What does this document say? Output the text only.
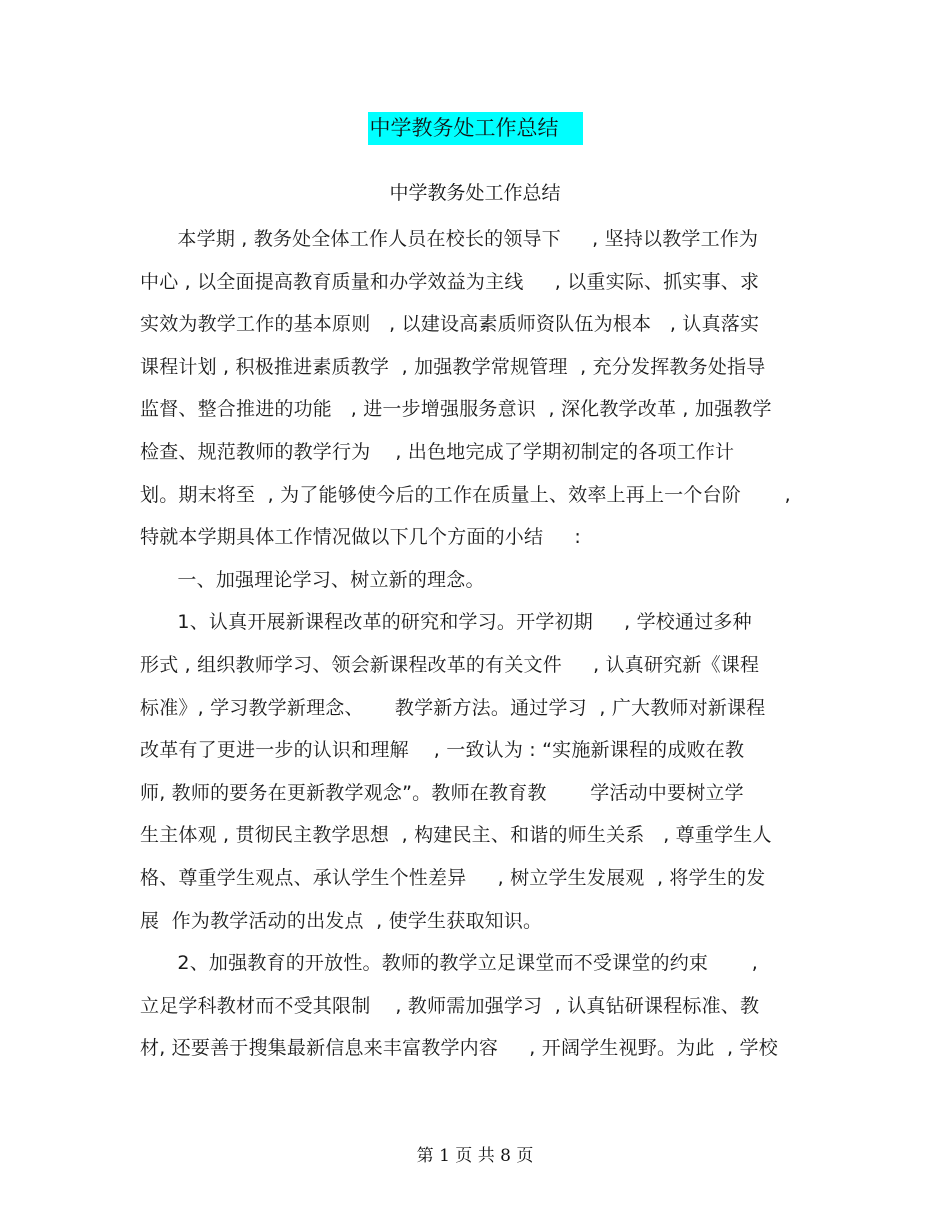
中学教务处工作总结
中学教务处工作总结
本学期 , 教务处全体工作人员在校长的领导下     , 坚持以教学工作为
中心 , 以全面提高教育质量和办学效益为主线     , 以重实际、抓实事、求
实效为教学工作的基本原则   , 以建设高素质师资队伍为根本   , 认真落实
课程计划 , 积极推进素质教学  , 加强教学常规管理  , 充分发挥教务处指导
监督、整合推进的功能   , 进一步增强服务意识  , 深化教学改革 , 加强教学
检查、规范教师的教学行为    , 出色地完成了学期初制定的各项工作计
划。期末将至  , 为了能够使今后的工作在质量上、效率上再上一个台阶       ,
特就本学期具体工作情况做以下几个方面的小结     :
一、加强理论学习、树立新的理念。
1、认真开展新课程改革的研究和学习。开学初期     , 学校通过多种
形式 , 组织教师学习、领会新课程改革的有关文件     , 认真研究新《课程
标准》, 学习教学新理念、     教学新方法。通过学习  , 广大教师对新课程
改革有了更进一步的认识和理解    , 一致认为 : “实施新课程的成败在教
师, 教师的要务在更新教学观念”。教师在教育教       学活动中要树立学
生主体观 , 贯彻民主教学思想  , 构建民主、和谐的师生关系   , 尊重学生人
格、尊重学生观点、承认学生个性差异     , 树立学生发展观  , 将学生的发
展  作为教学活动的出发点  , 使学生获取知识。
2、加强教育的开放性。教师的教学立足课堂而不受课堂的约束       ,
立足学科教材而不受其限制    , 教师需加强学习  , 认真钻研课程标准、教
材, 还要善于搜集最新信息来丰富教学内容     , 开阔学生视野。为此  , 学校
第 1 页 共 8 页
